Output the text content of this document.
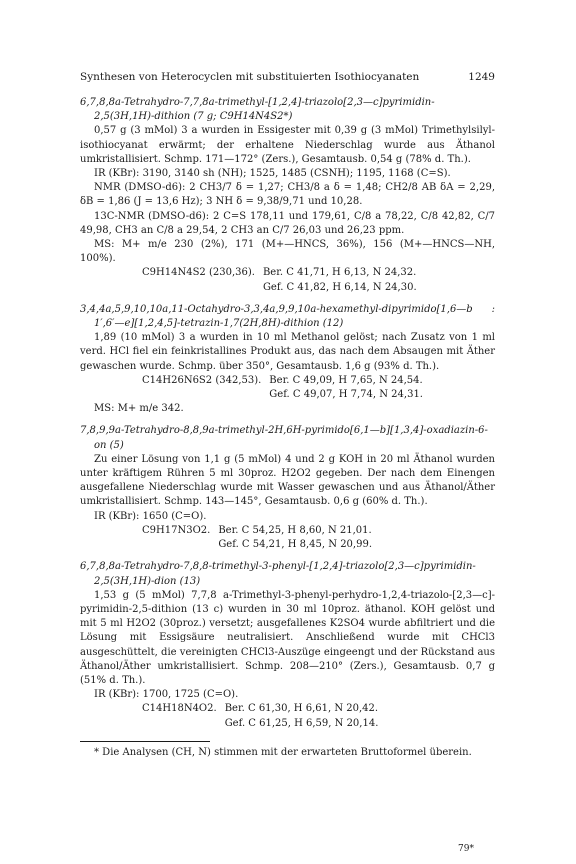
Synthesen von Heterocyclen mit substituierten Isothiocyanaten	1249

6,7,8,8a-Tetrahydro-7,7,8a-trimethyl-[1,2,4]-triazolo[2,3—c]pyrimidin-2,5(3H,1H)-dithion (7 g; C9H14N4S2*)

0,57 g (3 mMol) 3 a wurden in Essigester mit 0,39 g (3 mMol) Trimethylsilyl-isothiocyanat erwärmt; der erhaltene Niederschlag wurde aus Äthanol umkristallisiert. Schmp. 171—172° (Zers.), Gesamtausb. 0,54 g (78% d. Th.).

IR (KBr): 3190, 3140 sh (NH); 1525, 1485 (CSNH); 1195, 1168 (C=S).

NMR (DMSO-d6): 2 CH3/7 δ = 1,27; CH3/8 a δ = 1,48; CH2/8 AB δA = 2,29, δB = 1,86 (J = 13,6 Hz); 3 NH δ = 9,38/9,71 und 10,28.

13C-NMR (DMSO-d6): 2 C=S 178,11 und 179,61, C/8 a 78,22, C/8 42,82, C/7 49,98, CH3 an C/8 a 29,54, 2 CH3 an C/7 26,03 und 26,23 ppm.

MS: M+ m/e 230 (2%), 171 (M+—HNCS, 36%), 156 (M+—HNCS—NH, 100%).

C9H14N4S2 (230,36). Ber. C 41,71, H 6,13, N 24,32.
Gef. C 41,82, H 6,14, N 24,30.

3,4,4a,5,9,10,10a,11-Octahydro-3,3,4a,9,9,10a-hexamethyl-dipyrimido[1,6—b : 1′,6′—e][1,2,4,5]-tetrazin-1,7(2H,8H)-dithion (12)

1,89 (10 mMol) 3 a wurden in 10 ml Methanol gelöst; nach Zusatz von 1 ml verd. HCl fiel ein feinkristallines Produkt aus, das nach dem Absaugen mit Äther gewaschen wurde. Schmp. über 350°, Gesamtausb. 1,6 g (93% d. Th.).

C14H26N6S2 (342,53). Ber. C 49,09, H 7,65, N 24,54.
Gef. C 49,07, H 7,74, N 24,31.

MS: M+ m/e 342.

7,8,9,9a-Tetrahydro-8,8,9a-trimethyl-2H,6H-pyrimido[6,1—b][1,3,4]-oxadiazin-6-on (5)

Zu einer Lösung von 1,1 g (5 mMol) 4 und 2 g KOH in 20 ml Äthanol wurden unter kräftigem Rühren 5 ml 30proz. H2O2 gegeben. Der nach dem Einengen ausgefallene Niederschlag wurde mit Wasser gewaschen und aus Äthanol/Äther umkristallisiert. Schmp. 143—145°, Gesamtausb. 0,6 g (60% d. Th.).

IR (KBr): 1650 (C=O).

C9H17N3O2. Ber. C 54,25, H 8,60, N 21,01.
Gef. C 54,21, H 8,45, N 20,99.

6,7,8,8a-Tetrahydro-7,8,8-trimethyl-3-phenyl-[1,2,4]-triazolo[2,3—c]pyrimidin-2,5(3H,1H)-dion (13)

1,53 g (5 mMol) 7,7,8 a-Trimethyl-3-phenyl-perhydro-1,2,4-triazolo-[2,3—c]-pyrimidin-2,5-dithion (13 c) wurden in 30 ml 10proz. äthanol. KOH gelöst und mit 5 ml H2O2 (30proz.) versetzt; ausgefallenes K2SO4 wurde abfiltriert und die Lösung mit Essigsäure neutralisiert. Anschließend wurde mit CHCl3 ausgeschüttelt, die vereinigten CHCl3-Auszüge eingeengt und der Rückstand aus Äthanol/Äther umkristallisiert. Schmp. 208—210° (Zers.), Gesamtausb. 0,7 g (51% d. Th.).

IR (KBr): 1700, 1725 (C=O).

C14H18N4O2. Ber. C 61,30, H 6,61, N 20,42.
Gef. C 61,25, H 6,59, N 20,14.

* Die Analysen (CH, N) stimmen mit der erwarteten Bruttoformel überein.

79*
